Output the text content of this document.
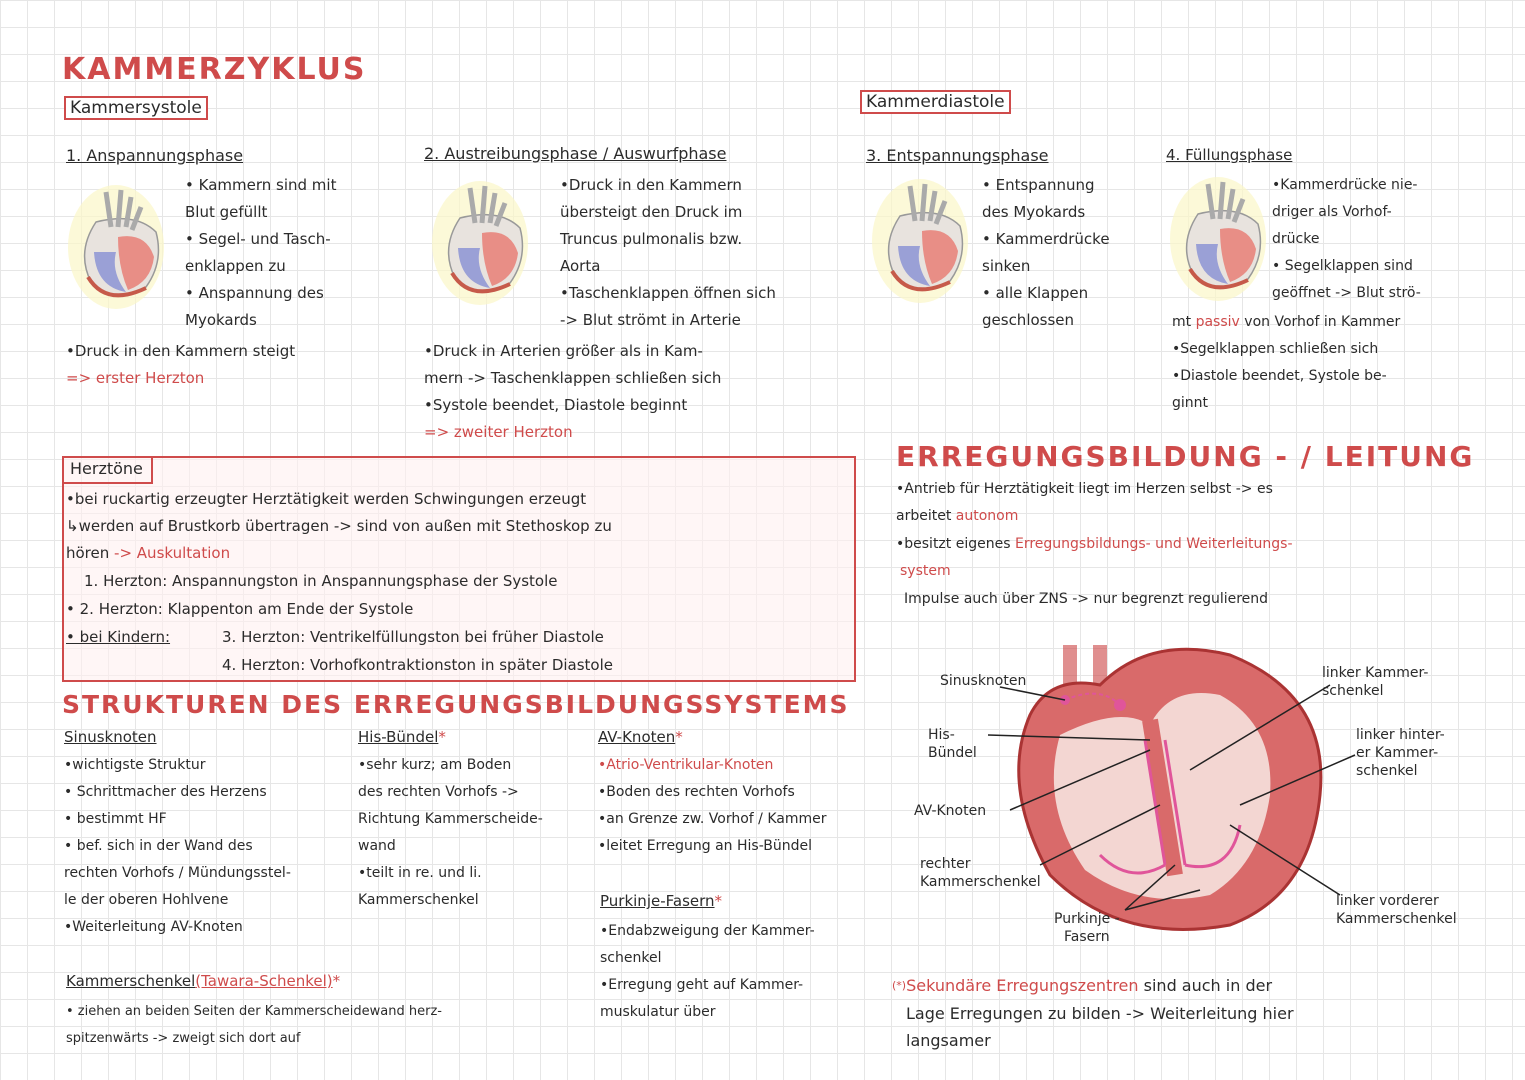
KAMMERZYKLUS
Kammersystole	Kammerdiastole
1. Anspannungsphase
• Kammern sind mit
Blut gefüllt
• Segel- und Tasch-
enklappen zu
• Anspannung des
Myokards
•Druck in den Kammern steigt
=> erster Herzton
2. Austreibungsphase / Auswurfphase
•Druck in den Kammern
übersteigt den Druck im
Truncus pulmonalis bzw.
Aorta
•Taschenklappen öffnen sich
-> Blut strömt in Arterie
•Druck in Arterien größer als in Kam-
mern -> Taschenklappen schließen sich
•Systole beendet, Diastole beginnt
=> zweiter Herzton
3. Entspannungsphase
• Entspannung
des Myokards
• Kammerdrücke
sinken
• alle Klappen
geschlossen
4. Füllungsphase
•Kammerdrücke nie-
driger als Vorhof-
drücke
• Segelklappen sind
geöffnet -> Blut strö-
mt passiv von Vorhof in Kammer
•Segelklappen schließen sich
•Diastole beendet, Systole be-
ginnt
Herztöne
•bei ruckartig erzeugter Herztätigkeit werden Schwingungen erzeugt
↳werden auf Brustkorb übertragen -> sind von außen mit Stethoskop zu
hören -> Auskultation
1. Herzton: Anspannungston in Anspannungsphase der Systole
• 2. Herzton: Klappenton am Ende der Systole
• bei Kindern:	3. Herzton: Ventrikelfüllungston bei früher Diastole
4. Herzton: Vorhofkontraktionston in später Diastole
STRUKTUREN DES ERREGUNGSBILDUNGSSYSTEMS
Sinusknoten
•wichtigste Struktur
• Schrittmacher des Herzens
• bestimmt HF
• bef. sich in der Wand des
rechten Vorhofs / Mündungsstel-
le der oberen Hohlvene
•Weiterleitung AV-Knoten
His-Bündel*
•sehr kurz; am Boden
des rechten Vorhofs ->
Richtung Kammerscheide-
wand
•teilt in re. und li.
Kammerschenkel
AV-Knoten*
•Atrio-Ventrikular-Knoten
•Boden des rechten Vorhofs
•an Grenze zw. Vorhof / Kammer
•leitet Erregung an His-Bündel
Purkinje-Fasern*
•Endabzweigung der Kammer-
schenkel
•Erregung geht auf Kammer-
muskulatur über
Kammerschenkel(Tawara-Schenkel)*
• ziehen an beiden Seiten der Kammerscheidewand herz-
spitzenwärts -> zweigt sich dort auf
ERREGUNGSBILDUNG - / LEITUNG
•Antrieb für Herztätigkeit liegt im Herzen selbst -> es
arbeitet autonom
•besitzt eigenes Erregungsbildungs- und Weiterleitungs-
system
Impulse auch über ZNS -> nur begrenzt regulierend
Sinusknoten
His-
Bündel
AV-Knoten
rechter
Kammerschenkel
Purkinje -
Fasern
linker Kammer-
schenkel
linker hinter-
er Kammer-
schenkel
linker vorderer
Kammerschenkel
(*)Sekundäre Erregungszentren sind auch in der
Lage Erregungen zu bilden -> Weiterleitung hier
langsamer
